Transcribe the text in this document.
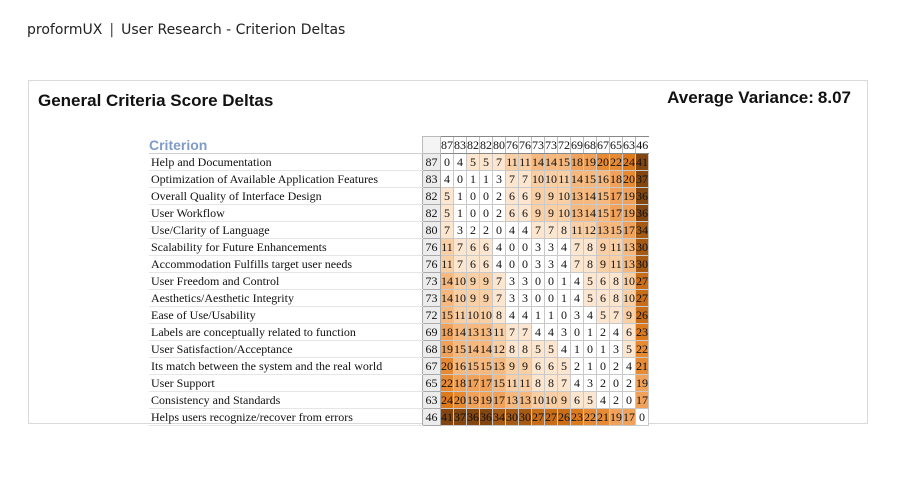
proformUX | User Research - Criterion Deltas
General Criteria Score Deltas	Average Variance: 8.07
Criterion		87	83	82	82	80	76	76	73	73	72	69	68	67	65	63	46
Help and Documentation	87	0	4	5	5	7	11	11	14	14	15	18	19	20	22	24	41
Optimization of Available Application Features	83	4	0	1	1	3	7	7	10	10	11	14	15	16	18	20	37
Overall Quality of Interface Design	82	5	1	0	0	2	6	6	9	9	10	13	14	15	17	19	36
User Workflow	82	5	1	0	0	2	6	6	9	9	10	13	14	15	17	19	36
Use/Clarity of Language	80	7	3	2	2	0	4	4	7	7	8	11	12	13	15	17	34
Scalability for Future Enhancements	76	11	7	6	6	4	0	0	3	3	4	7	8	9	11	13	30
Accommodation Fulfills target user needs	76	11	7	6	6	4	0	0	3	3	4	7	8	9	11	13	30
User Freedom and Control	73	14	10	9	9	7	3	3	0	0	1	4	5	6	8	10	27
Aesthetics/Aesthetic Integrity	73	14	10	9	9	7	3	3	0	0	1	4	5	6	8	10	27
Ease of Use/Usability	72	15	11	10	10	8	4	4	1	1	0	3	4	5	7	9	26
Labels are conceptually related to function	69	18	14	13	13	11	7	7	4	4	3	0	1	2	4	6	23
User Satisfaction/Acceptance	68	19	15	14	14	12	8	8	5	5	4	1	0	1	3	5	22
Its match between the system and the real world	67	20	16	15	15	13	9	9	6	6	5	2	1	0	2	4	21
User Support	65	22	18	17	17	15	11	11	8	8	7	4	3	2	0	2	19
Consistency and Standards	63	24	20	19	19	17	13	13	10	10	9	6	5	4	2	0	17
Helps users recognize/recover from errors	46	41	37	36	36	34	30	30	27	27	26	23	22	21	19	17	0
